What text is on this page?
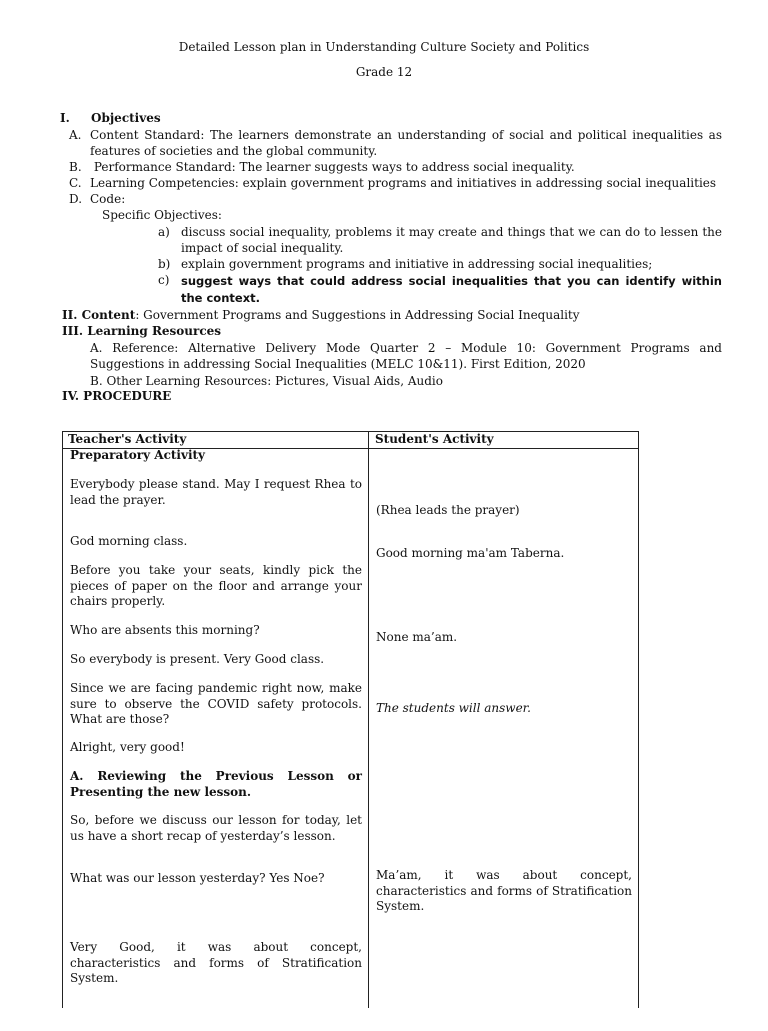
Detailed Lesson plan in Understanding Culture Society and Politics
Grade 12
I. Objectives
A. Content Standard: The learners demonstrate an understanding of social and political inequalities as features of societies and the global community.
B. Performance Standard: The learner suggests ways to address social inequality.
C. Learning Competencies: explain government programs and initiatives in addressing social inequalities
D. Code:
Specific Objectives:
a) discuss social inequality, problems it may create and things that we can do to lessen the impact of social inequality.
b) explain government programs and initiative in addressing social inequalities;
c) suggest ways that could address social inequalities that you can identify within the context.
II. Content: Government Programs and Suggestions in Addressing Social Inequality
III. Learning Resources
A. Reference: Alternative Delivery Mode Quarter 2 – Module 10: Government Programs and Suggestions in addressing Social Inequalities (MELC 10&11). First Edition, 2020
B. Other Learning Resources: Pictures, Visual Aids, Audio
IV. PROCEDURE
Teacher's Activity	Student's Activity
Preparatory Activity
Everybody please stand. May I request Rhea to lead the prayer.
God morning class.
Before you take your seats, kindly pick the pieces of paper on the floor and arrange your chairs properly.
Who are absents this morning?
So everybody is present. Very Good class.
Since we are facing pandemic right now, make sure to observe the COVID safety protocols. What are those?
Alright, very good!
A. Reviewing the Previous Lesson or Presenting the new lesson.
So, before we discuss our lesson for today, let us have a short recap of yesterday’s lesson.
What was our lesson yesterday? Yes Noe?
Very Good, it was about concept, characteristics and forms of Stratification System.
(Rhea leads the prayer)
Good morning ma'am Taberna.
None ma’am.
The students will answer.
Ma’am, it was about concept, characteristics and forms of Stratification System.
